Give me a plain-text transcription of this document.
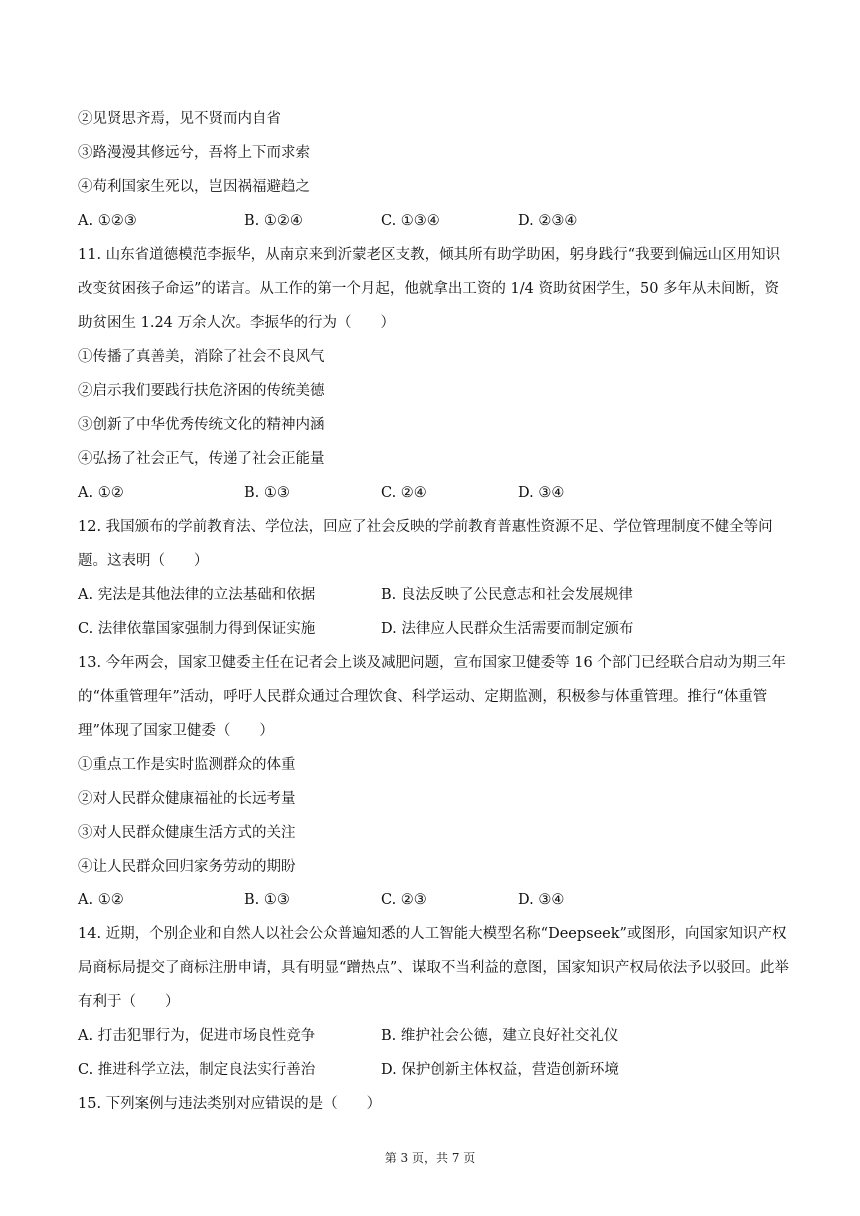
②见贤思齐焉，见不贤而内自省
③路漫漫其修远兮，吾将上下而求索
④苟利国家生死以，岂因祸福避趋之
A. ①②③	B. ①②④	C. ①③④	D. ②③④
11. 山东省道德模范李振华，从南京来到沂蒙老区支教，倾其所有助学助困，躬身践行“我要到偏远山区用知识改变贫困孩子命运”的诺言。从工作的第一个月起，他就拿出工资的 1/4 资助贫困学生，50 多年从未间断，资助贫困生 1.24 万余人次。李振华的行为（　　）
①传播了真善美，消除了社会不良风气
②启示我们要践行扶危济困的传统美德
③创新了中华优秀传统文化的精神内涵
④弘扬了社会正气，传递了社会正能量
A. ①②	B. ①③	C. ②④	D. ③④
12. 我国颁布的学前教育法、学位法，回应了社会反映的学前教育普惠性资源不足、学位管理制度不健全等问题。这表明（　　）
A. 宪法是其他法律的立法基础和依据	B. 良法反映了公民意志和社会发展规律
C. 法律依靠国家强制力得到保证实施	D. 法律应人民群众生活需要而制定颁布
13. 今年两会，国家卫健委主任在记者会上谈及减肥问题，宣布国家卫健委等 16 个部门已经联合启动为期三年的“体重管理年”活动，呼吁人民群众通过合理饮食、科学运动、定期监测，积极参与体重管理。推行“体重管理”体现了国家卫健委（　　）
①重点工作是实时监测群众的体重
②对人民群众健康福祉的长远考量
③对人民群众健康生活方式的关注
④让人民群众回归家务劳动的期盼
A. ①②	B. ①③	C. ②③	D. ③④
14. 近期，个别企业和自然人以社会公众普遍知悉的人工智能大模型名称“Deepseek”或图形，向国家知识产权局商标局提交了商标注册申请，具有明显“蹭热点”、谋取不当利益的意图，国家知识产权局依法予以驳回。此举有利于（　　）
A. 打击犯罪行为，促进市场良性竞争	B. 维护社会公德，建立良好社交礼仪
C. 推进科学立法，制定良法实行善治	D. 保护创新主体权益，营造创新环境
15. 下列案例与违法类别对应错误的是（　　）
第 3 页，共 7 页
